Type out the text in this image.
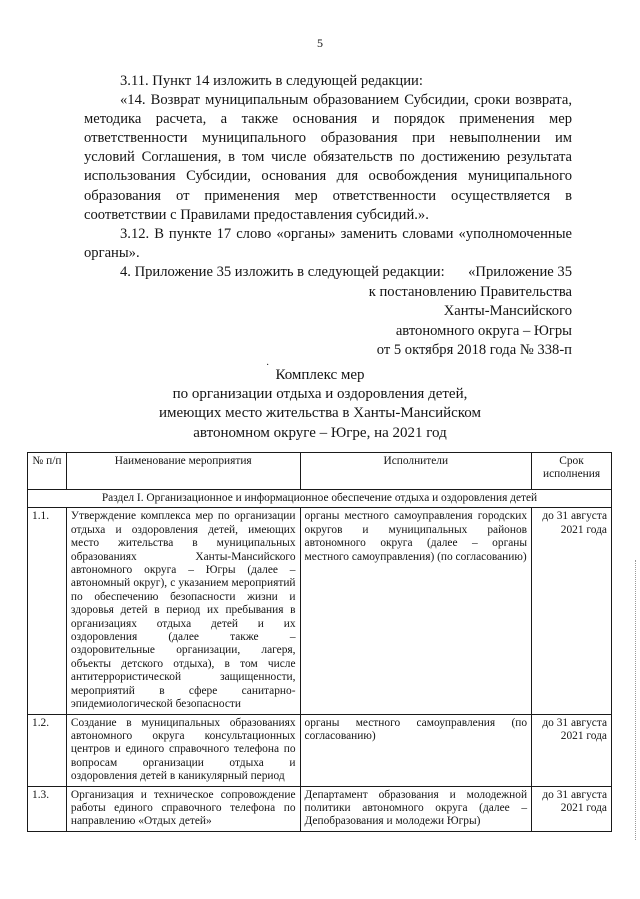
5

3.11. Пункт 14 изложить в следующей редакции:

«14. Возврат муниципальным образованием Субсидии, сроки возврата, методика расчета, а также основания и порядок применения мер ответственности муниципального образования при невыполнении им условий Соглашения, в том числе обязательств по достижению результата использования Субсидии, основания для освобождения муниципального образования от применения мер ответственности осуществляется в соответствии с Правилами предоставления субсидий.».

3.12. В пункте 17 слово «органы» заменить словами «уполномоченные органы».

4. Приложение 35 изложить в следующей редакции:	«Приложение 35
к постановлению Правительства
Ханты-Мансийского
автономного округа – Югры
от 5 октября 2018 года № 338-п
·
Комплекс мер
по организации отдыха и оздоровления детей,
имеющих место жительства в Ханты-Мансийском
автономном округе – Югре, на 2021 год
№ п/п	Наименование мероприятия	Исполнители	Срок исполнения
Раздел I. Организационное и информационное обеспечение отдыха и оздоровления детей			
1.1.	Утверждение комплекса мер по организации отдыха и оздоровления детей, имеющих место жительства в муниципальных образованиях Ханты-Мансийского автономного округа – Югры (далее – автономный округ), с указанием мероприятий по обеспечению безопасности жизни и здоровья детей в период их пребывания в организациях отдыха детей и их оздоровления (далее также – оздоровительные организации, лагеря, объекты детского отдыха), в том числе антитеррористической защищенности, мероприятий в сфере санитарно-эпидемиологической безопасности	органы местного самоуправления городских округов и муниципальных районов автономного округа (далее – органы местного самоуправления) (по согласованию)	до 31 августа 2021 года
1.2.	Создание в муниципальных образованиях автономного округа консультационных центров и единого справочного телефона по вопросам организации отдыха и оздоровления детей в каникулярный период	органы местного самоуправления (по согласованию)	до 31 августа 2021 года
1.3.	Организация и техническое сопровождение работы единого справочного телефона по направлению «Отдых детей»	Департамент образования и молодежной политики автономного округа (далее – Депобразования и молодежи Югры)	до 31 августа 2021 года
